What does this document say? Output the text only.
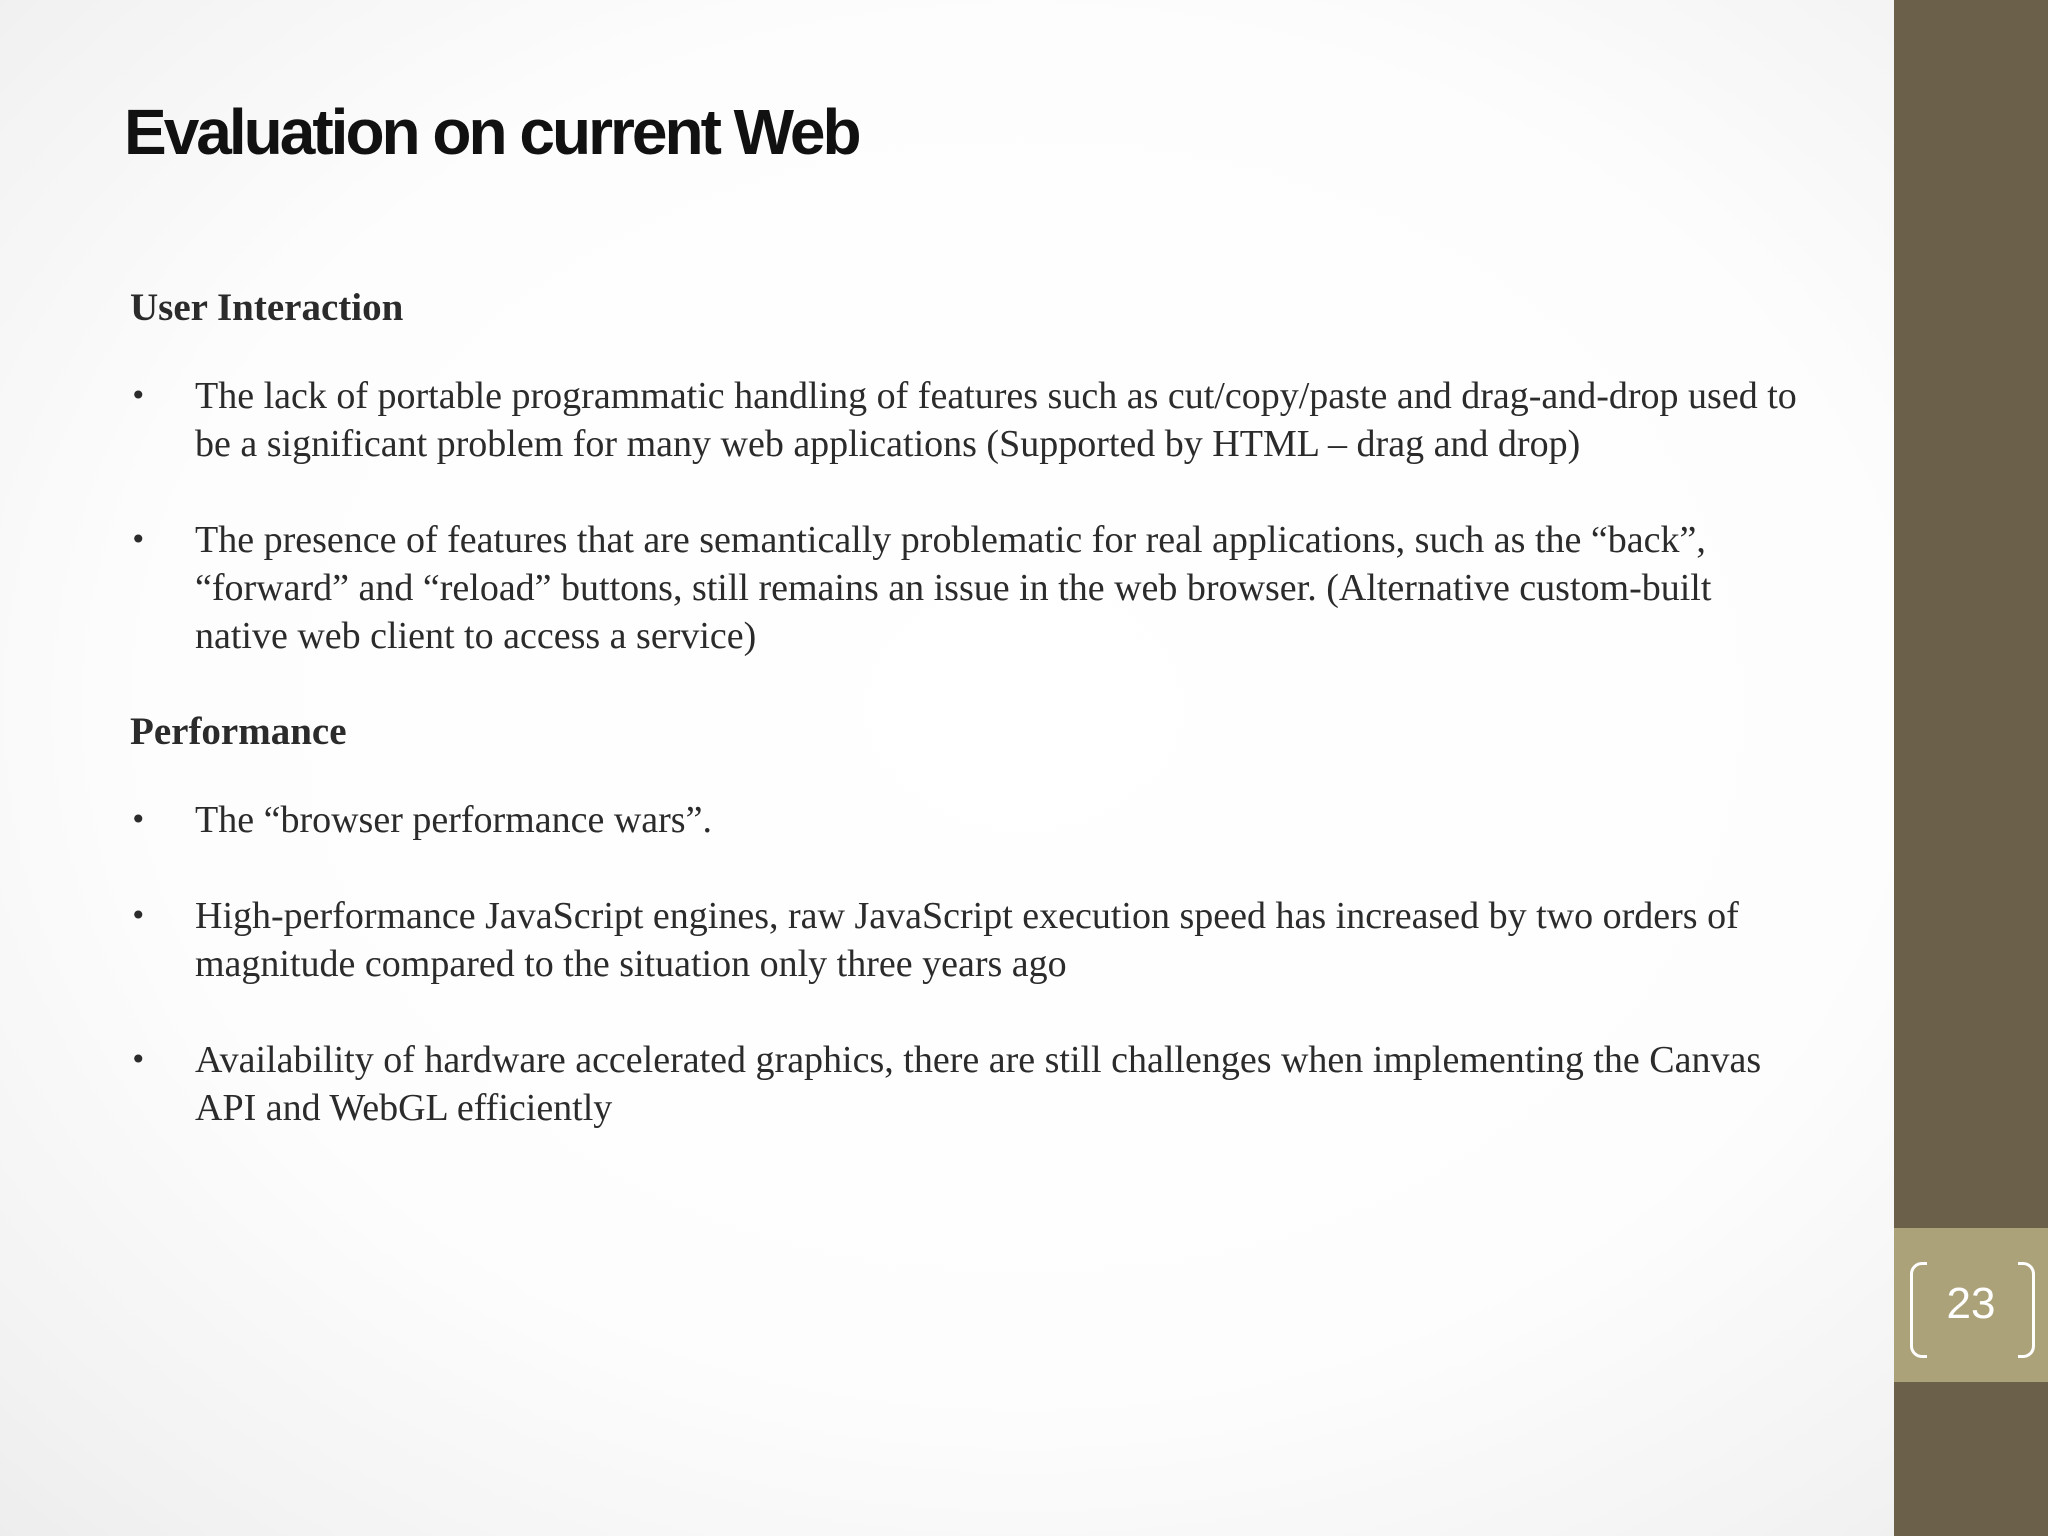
Evaluation on current Web
User Interaction
• The lack of portable programmatic handling of features such as cut/copy/paste and drag-and-drop used to be a significant problem for many web applications (Supported by HTML – drag and drop)
• The presence of features that are semantically problematic for real applications, such as the “back”, “forward” and “reload” buttons, still remains an issue in the web browser. (Alternative custom-built native web client to access a service)
Performance
• The “browser performance wars”.
• High-performance JavaScript engines, raw JavaScript execution speed has increased by two orders of magnitude compared to the situation only three years ago
• Availability of hardware accelerated graphics, there are still challenges when implementing the Canvas API and WebGL efficiently
23
